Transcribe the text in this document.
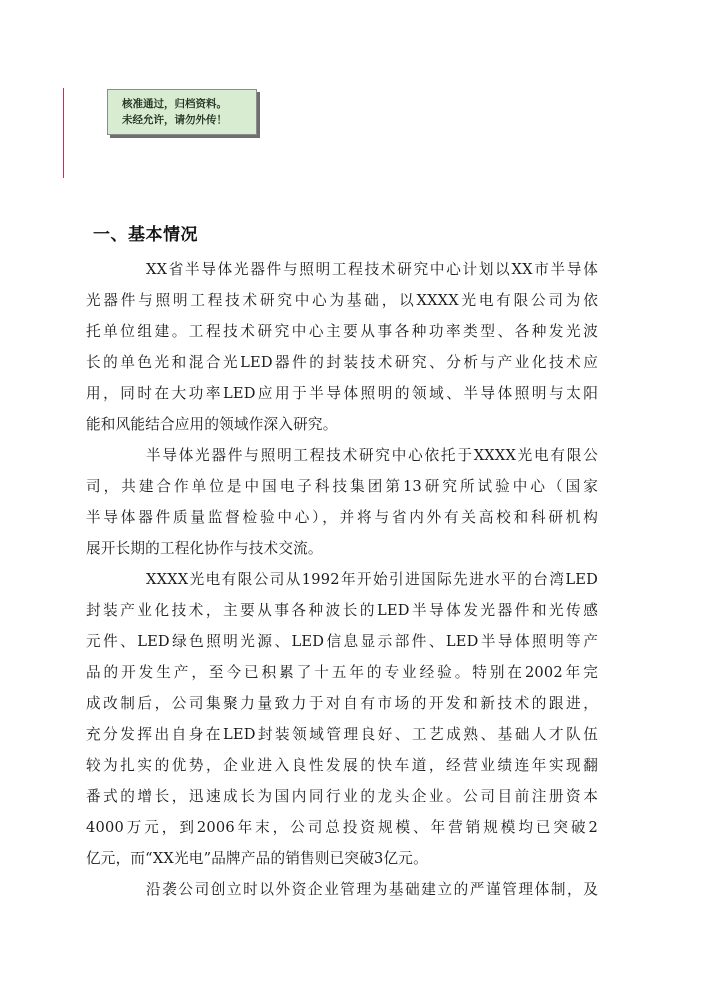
核准通过，归档资料。
未经允许，请勿外传！
一、基本情况
XX省半导体光器件与照明工程技术研究中心计划以XX市半导体
光器件与照明工程技术研究中心为基础，以XXXX光电有限公司为依
托单位组建。工程技术研究中心主要从事各种功率类型、各种发光波
长的单色光和混合光LED器件的封装技术研究、分析与产业化技术应
用，同时在大功率LED应用于半导体照明的领域、半导体照明与太阳
能和风能结合应用的领域作深入研究。
半导体光器件与照明工程技术研究中心依托于XXXX光电有限公
司，共建合作单位是中国电子科技集团第13研究所试验中心（国家
半导体器件质量监督检验中心），并将与省内外有关高校和科研机构
展开长期的工程化协作与技术交流。
XXXX光电有限公司从1992年开始引进国际先进水平的台湾LED
封装产业化技术，主要从事各种波长的LED半导体发光器件和光传感
元件、LED绿色照明光源、LED信息显示部件、LED半导体照明等产
品的开发生产，至今已积累了十五年的专业经验。特别在2002年完
成改制后，公司集聚力量致力于对自有市场的开发和新技术的跟进，
充分发挥出自身在LED封装领域管理良好、工艺成熟、基础人才队伍
较为扎实的优势，企业进入良性发展的快车道，经营业绩连年实现翻
番式的增长，迅速成长为国内同行业的龙头企业。公司目前注册资本
4000万元，到2006年末，公司总投资规模、年营销规模均已突破2
亿元，而“XX光电”品牌产品的销售则已突破3亿元。
沿袭公司创立时以外资企业管理为基础建立的严谨管理体制，及
